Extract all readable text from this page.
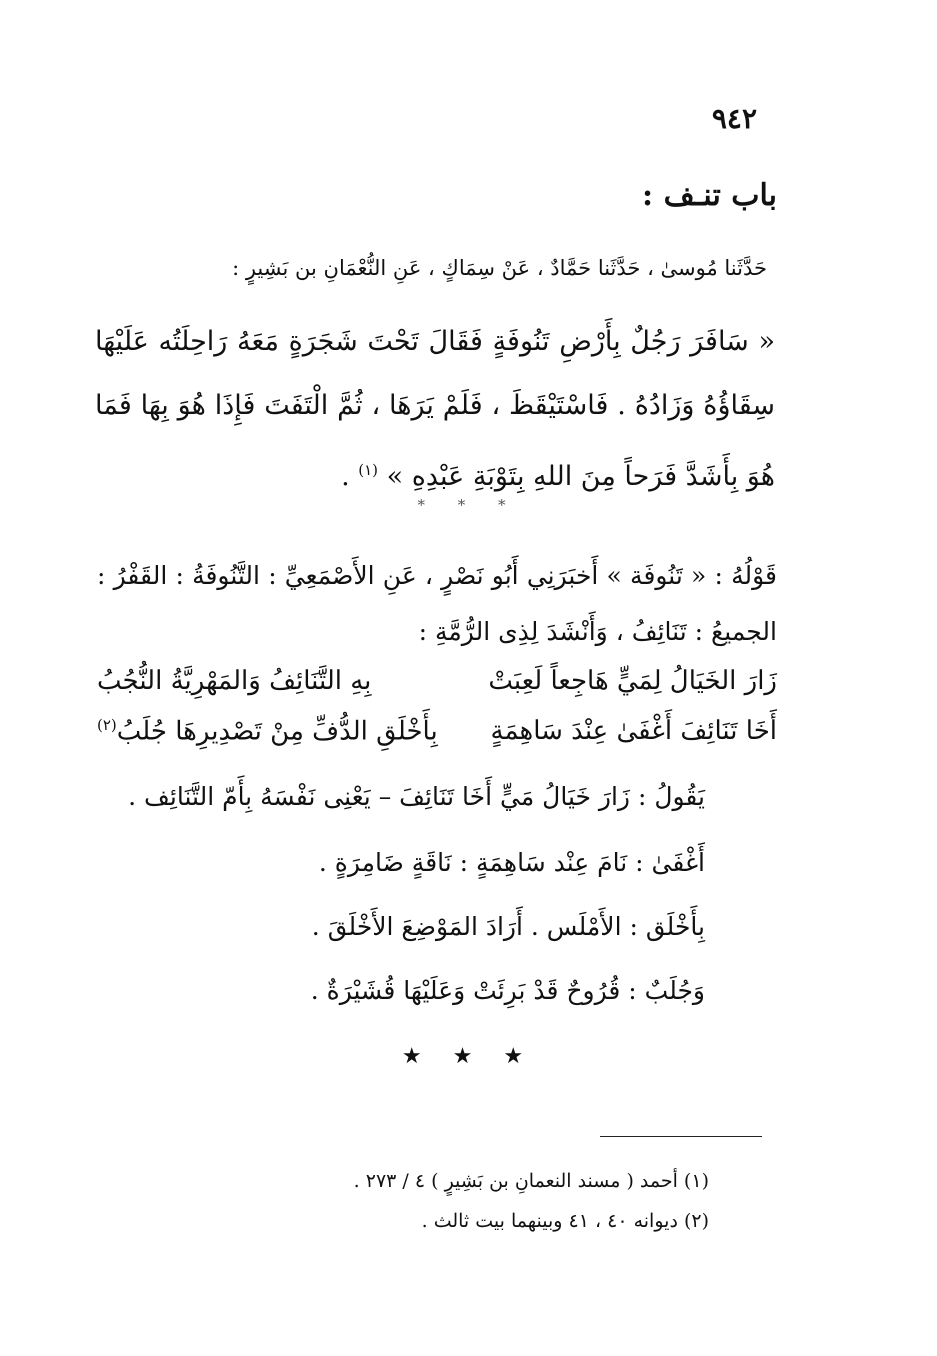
٩٤٢
باب تنـف :
حَدَّثَنا مُوسىٰ ، حَدَّثَنا حَمَّادٌ ، عَنْ سِمَاكٍ ، عَنِ النُّعْمَانِ بن بَشِيرٍ :
« سَافَرَ رَجُلٌ بِأَرْضِ تَنُوفَةٍ فَقَالَ تَحْتَ شَجَرَةٍ مَعَهُ رَاحِلَتُه عَلَيْهَا سِقَاؤُهُ وَزَادُهُ . فَاسْتَيْقَظَ ، فَلَمْ يَرَهَا ، ثُمَّ الْتَفَتَ فَإِذَا هُوَ بِهَا فَمَا هُوَ بِأَشَدَّ فَرَحاً مِنَ اللهِ بِتَوْبَةِ عَبْدِهِ » $^{(١)}$ .
* * *
قَوْلُهُ : « تَنُوفَة » أَخبَرَنِي أَبُو نَصْرٍ ، عَنِ الأَصْمَعِيِّ : التَّنُوفَةُ : القَفْرُ : الجميعُ : تَنَائِفُ ، وَأَنْشَدَ لِذِى الرُّمَّةِ :
زَارَ الخَيَالُ لِمَيٍّ هَاجِعاً لَعِبَتْ
بِهِ التَّنَائِفُ وَالمَهْرِيَّةُ النُّجُبُ
أَخَا تَنَائِفَ أَغْفَىٰ عِنْدَ سَاهِمَةٍ
بِأَخْلَقِ الدُّفِّ مِنْ تَصْدِيرِهَا جُلَبُ$^{(٢)}$
يَقُولُ : زَارَ خَيَالُ مَيٍّ أَخَا تَنَائِفَ – يَعْنِى نَفْسَهُ بِأَمّ التَّنَائِف .
أَغْفَىٰ : نَامَ عِنْد سَاهِمَةٍ : نَاقَةٍ ضَامِرَةٍ .
بِأَخْلَق : الأَمْلَس . أَرَادَ المَوْضِعَ الأَخْلَقَ .
وَجُلَبٌ : قُرُوحٌ قَدْ بَرِئَتْ وَعَلَيْهَا قُشَيْرَةٌ .
★ ★ ★
(١) أحمد ( مسند النعمانِ بن بَشِيرٍ ) ٤ / ٢٧٣ .
(٢) ديوانه ٤٠ ، ٤١ وبينهما بيت ثالث .
